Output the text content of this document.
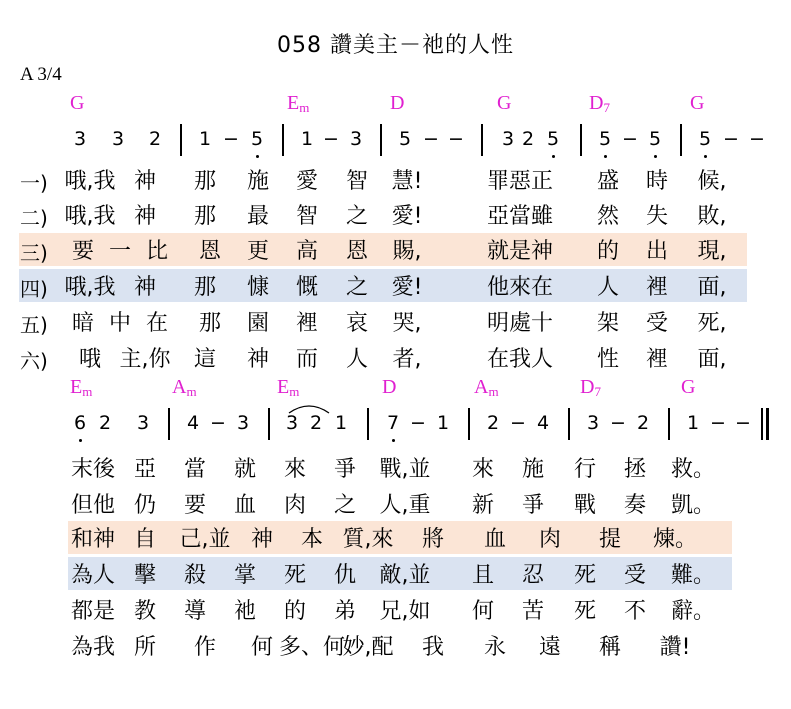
058 讚美主－祂的人性
A 3/4
G	$E_m$	D	G	$D_7$	G
3 3 2 1 − 5 1 − 3 5 − − 3 2 5 5 − 5 5 − −
一) 哦,我 神 那 施 愛 智 慧!	罪惡正 盛 時 候,
二) 哦,我 神 那 最 智 之 愛!	亞當雖 然 失 敗,
三) 要 一 比 恩 更 高 恩 賜,	就是神 的 出 現,
四) 哦,我 神 那 慷 慨 之 愛!	他來在 人 裡 面,
五) 暗 中 在 那 園 裡 哀 哭,	明處十 架 受 死,
六) 哦 主,你 這 神 而 人 者,	在我人 性 裡 面,
$E_m$	$A_m$	$E_m$	D	$A_m$	$D_7$	G
6 2 3 4 − 3 3 2 1 7 − 1 2 − 4 3 − 2 1 − −
末後 亞 當 就 來 爭 戰,並 來 施 行 拯 救。
但他 仍 要 血 肉 之 人,重 新 爭 戰 奏 凱。
和神 自 己,並 神 本 質,來 將 血 肉 提 煉。
為人 擊 殺 掌 死 仇 敵,並 且 忍 死 受 難。
都是 教 導 祂 的 弟 兄,如 何 苦 死 不 辭。
為我 所 作 何 多、何
妙,配 我 永 遠 稱 讚!
